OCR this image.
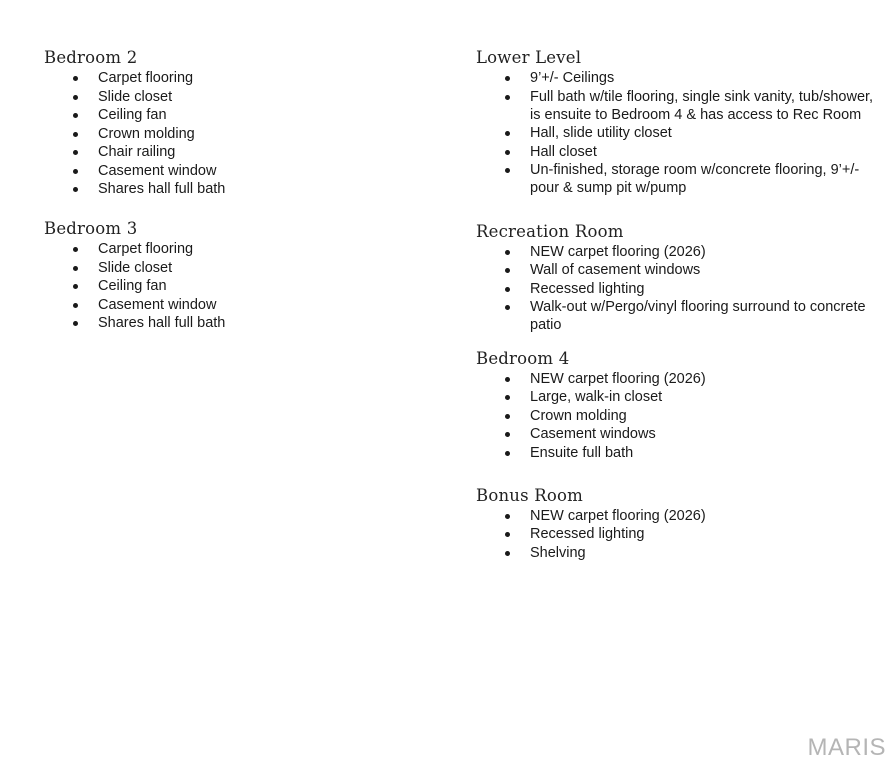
Bedroom 2
Carpet flooring
Slide closet
Ceiling fan
Crown molding
Chair railing
Casement window
Shares hall full bath
Bedroom 3
Carpet flooring
Slide closet
Ceiling fan
Casement window
Shares hall full bath
Lower Level
9’+/- Ceilings
Full bath w/tile flooring, single sink vanity, tub/shower, is ensuite to Bedroom 4 & has access to Rec Room
Hall, slide utility closet
Hall closet
Un-finished, storage room w/concrete flooring, 9’+/- pour & sump pit w/pump
Recreation Room
NEW carpet flooring (2026)
Wall of casement windows
Recessed lighting
Walk-out w/Pergo/vinyl flooring surround to concrete patio
Bedroom 4
NEW carpet flooring (2026)
Large, walk-in closet
Crown molding
Casement windows
Ensuite full bath
Bonus Room
NEW carpet flooring (2026)
Recessed lighting
Shelving
MARIS
